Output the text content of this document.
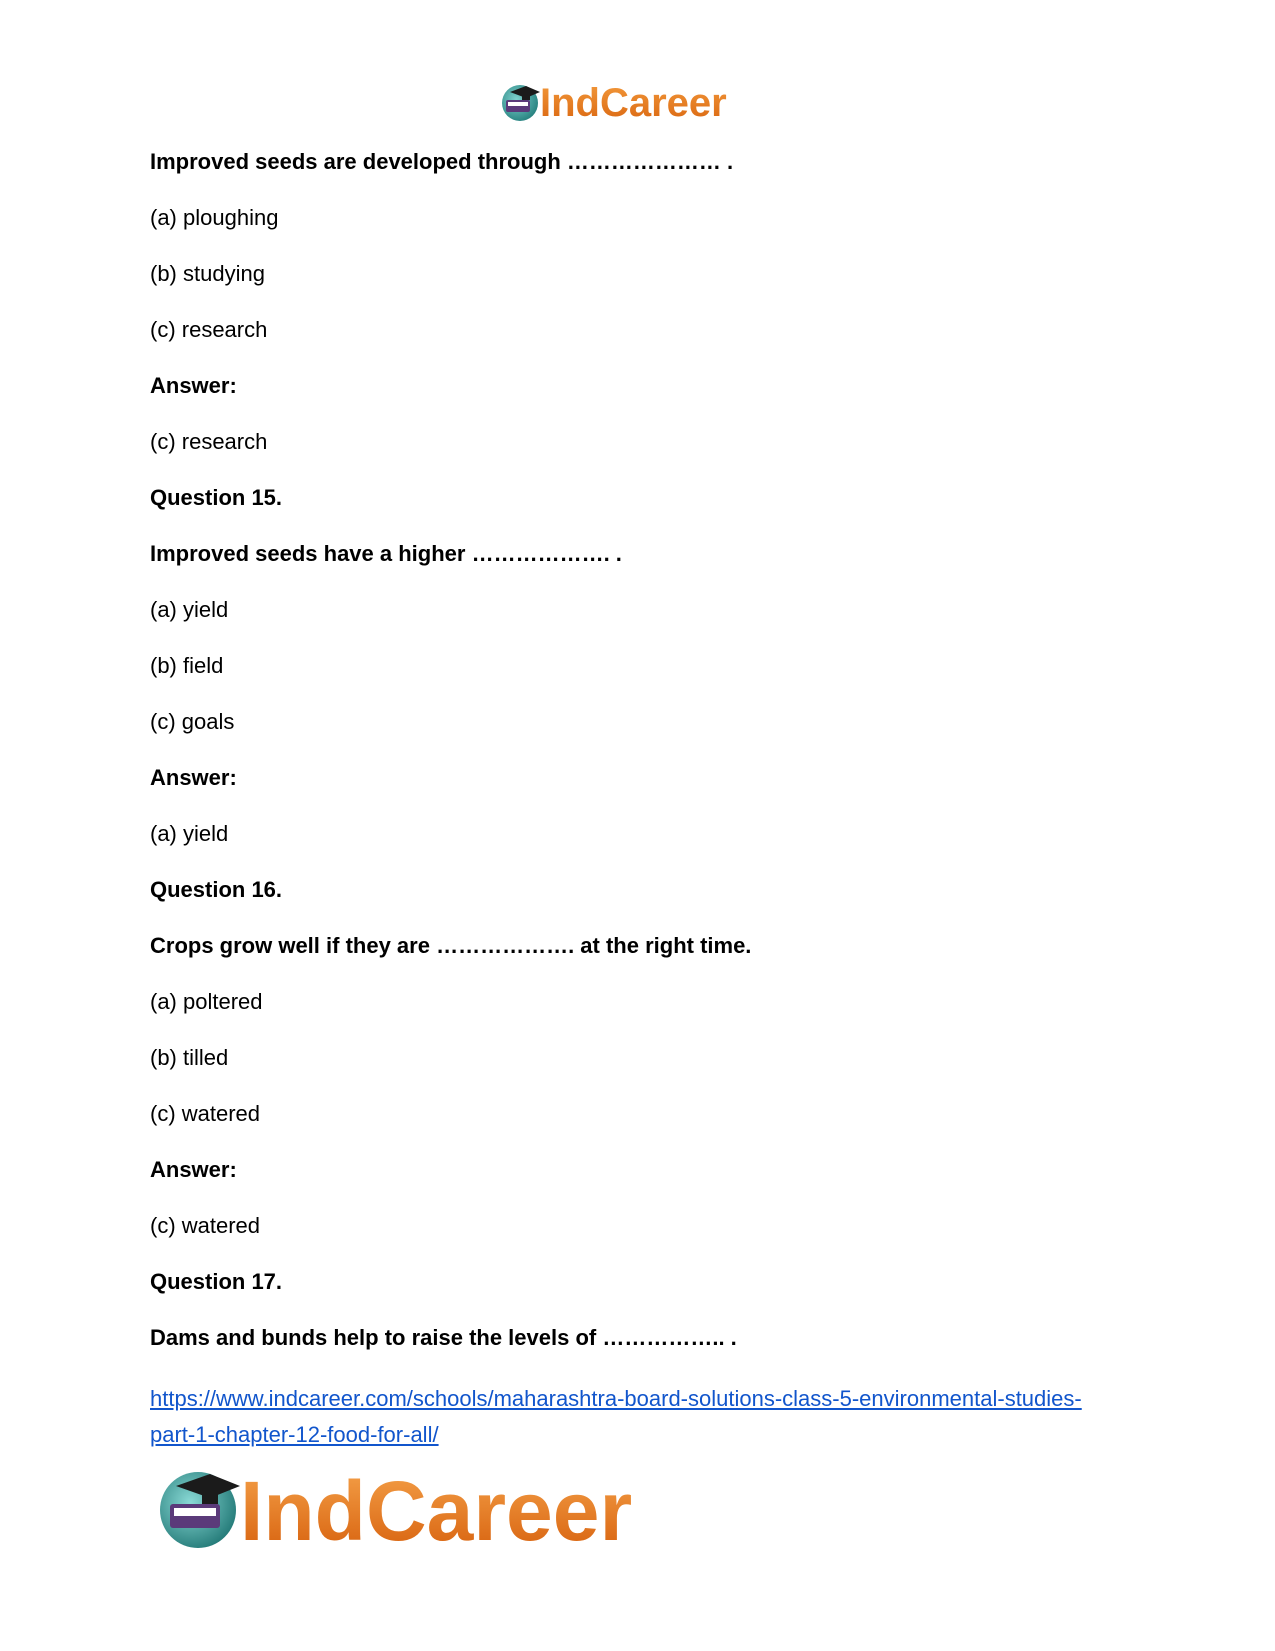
IndCareer
Improved seeds are developed through ………………… .
(a) ploughing
(b) studying
(c) research
Answer:
(c) research
Question 15.
Improved seeds have a higher ………………. .
(a) yield
(b) field
(c) goals
Answer:
(a) yield
Question 16.
Crops grow well if they are ………………. at the right time.
(a) poltered
(b) tilled
(c) watered
Answer:
(c) watered
Question 17.
Dams and bunds help to raise the levels of …………….. .
https://www.indcareer.com/schools/maharashtra-board-solutions-class-5-environmental-studies-
part-1-chapter-12-food-for-all/
IndCareer
